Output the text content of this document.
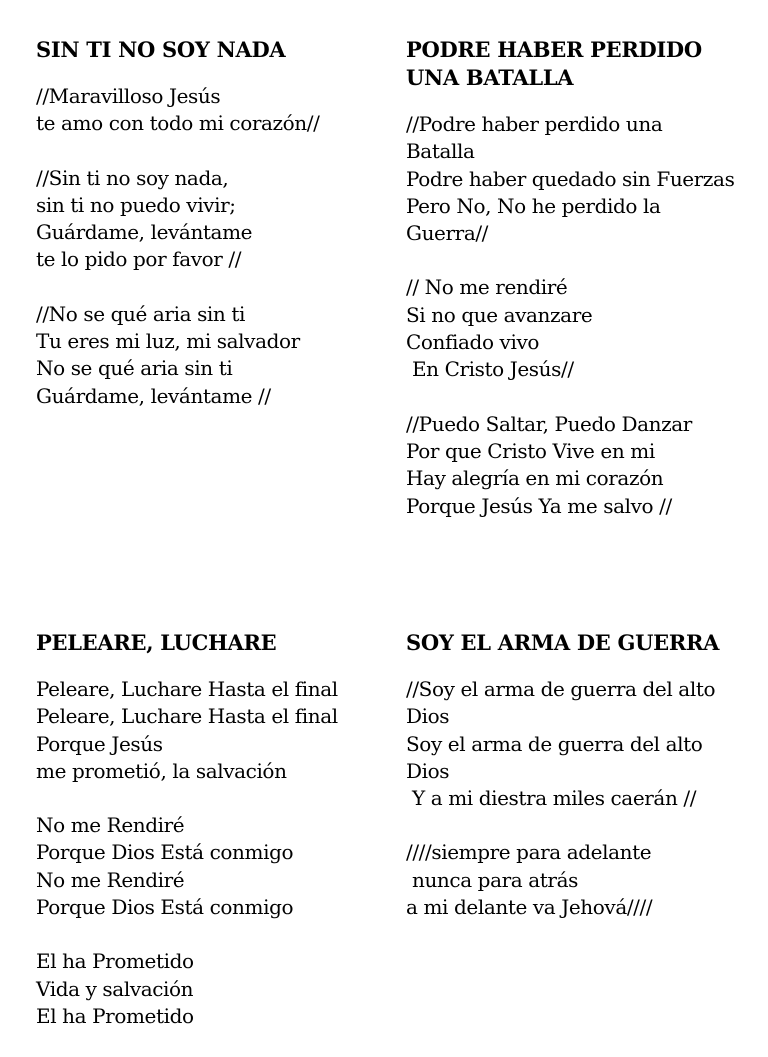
SIN TI NO SOY NADA
//Maravilloso Jesús
te amo con todo mi corazón//
//Sin ti no soy nada,
sin ti no puedo vivir;
Guárdame, levántame
te lo pido por favor //
//No se qué aria sin ti
Tu eres mi luz, mi salvador
No se qué aria sin ti
Guárdame, levántame //
PODRE HABER PERDIDO UNA BATALLA
//Podre haber perdido una
Batalla
Podre haber quedado sin Fuerzas
Pero No, No he perdido la
Guerra//
// No me rendiré
Si no que avanzare
Confiado vivo
En Cristo Jesús//
//Puedo Saltar, Puedo Danzar
Por que Cristo Vive en mi
Hay alegría en mi corazón
Porque Jesús Ya me salvo //
PELEARE, LUCHARE
Peleare, Luchare Hasta el final
Peleare, Luchare Hasta el final
Porque Jesús
me prometió, la salvación
No me Rendiré
Porque Dios Está conmigo
No me Rendiré
Porque Dios Está conmigo
El ha Prometido
Vida y salvación
El ha Prometido
SOY EL ARMA DE GUERRA
//Soy el arma de guerra del alto
Dios
Soy el arma de guerra del alto
Dios
Y a mi diestra miles caerán //
////siempre para adelante
nunca para atrás
a mi delante va Jehová////
